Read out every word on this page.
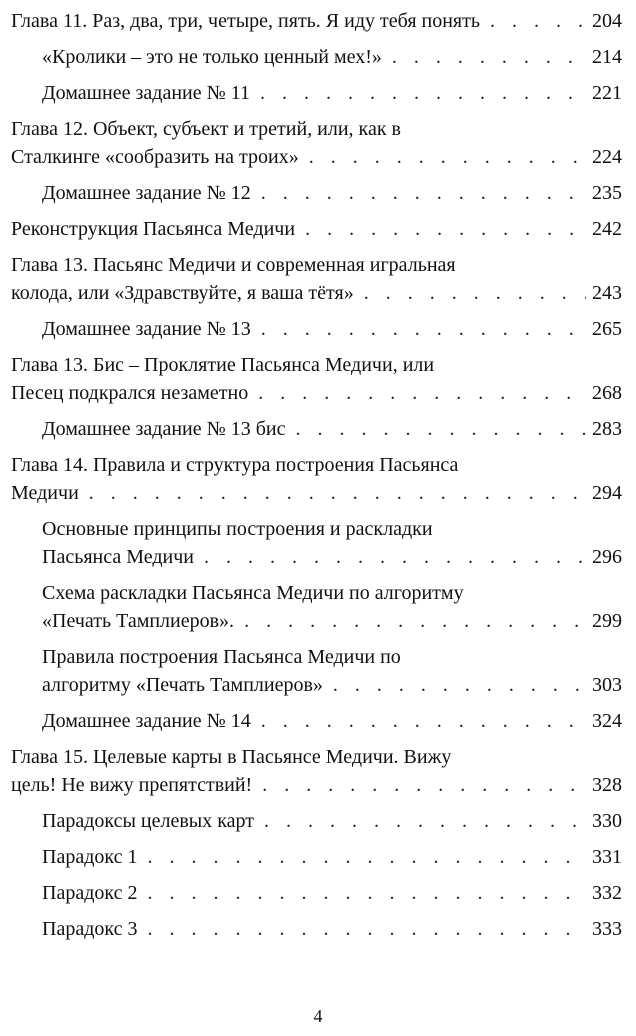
Глава 11. Раз, два, три, четыре, пять. Я иду тебя понять . . .	204
«Кролики – это не только ценный мех!» . . .	214
Домашнее задание № 11 . . .	221
Глава 12. Объект, субъект и третий, или, как в
Сталкинге «сообразить на троих» . . .	224
Домашнее задание № 12 . . .	235
Реконструкция Пасьянса Медичи . . .	242
Глава 13. Пасьянс Медичи и современная игральная
колода, или «Здравствуйте, я ваша тётя» . . .	243
Домашнее задание № 13 . . .	265
Глава 13. Бис – Проклятие Пасьянса Медичи, или
Песец подкрался незаметно . . .	268
Домашнее задание № 13 бис . . .	283
Глава 14. Правила и структура построения Пасьянса
Медичи . . .	294
Основные принципы построения и раскладки
Пасьянса Медичи . . .	296
Схема раскладки Пасьянса Медичи по алгоритму
«Печать Тамплиеров». . . .	299
Правила построения Пасьянса Медичи по
алгоритму «Печать Тамплиеров» . . .	303
Домашнее задание № 14 . . .	324
Глава 15. Целевые карты в Пасьянсе Медичи. Вижу
цель! Не вижу препятствий! . . .	328
Парадоксы целевых карт . . .	330
Парадокс 1 . . .	331
Парадокс 2 . . .	332
Парадокс 3 . . .	333
4
